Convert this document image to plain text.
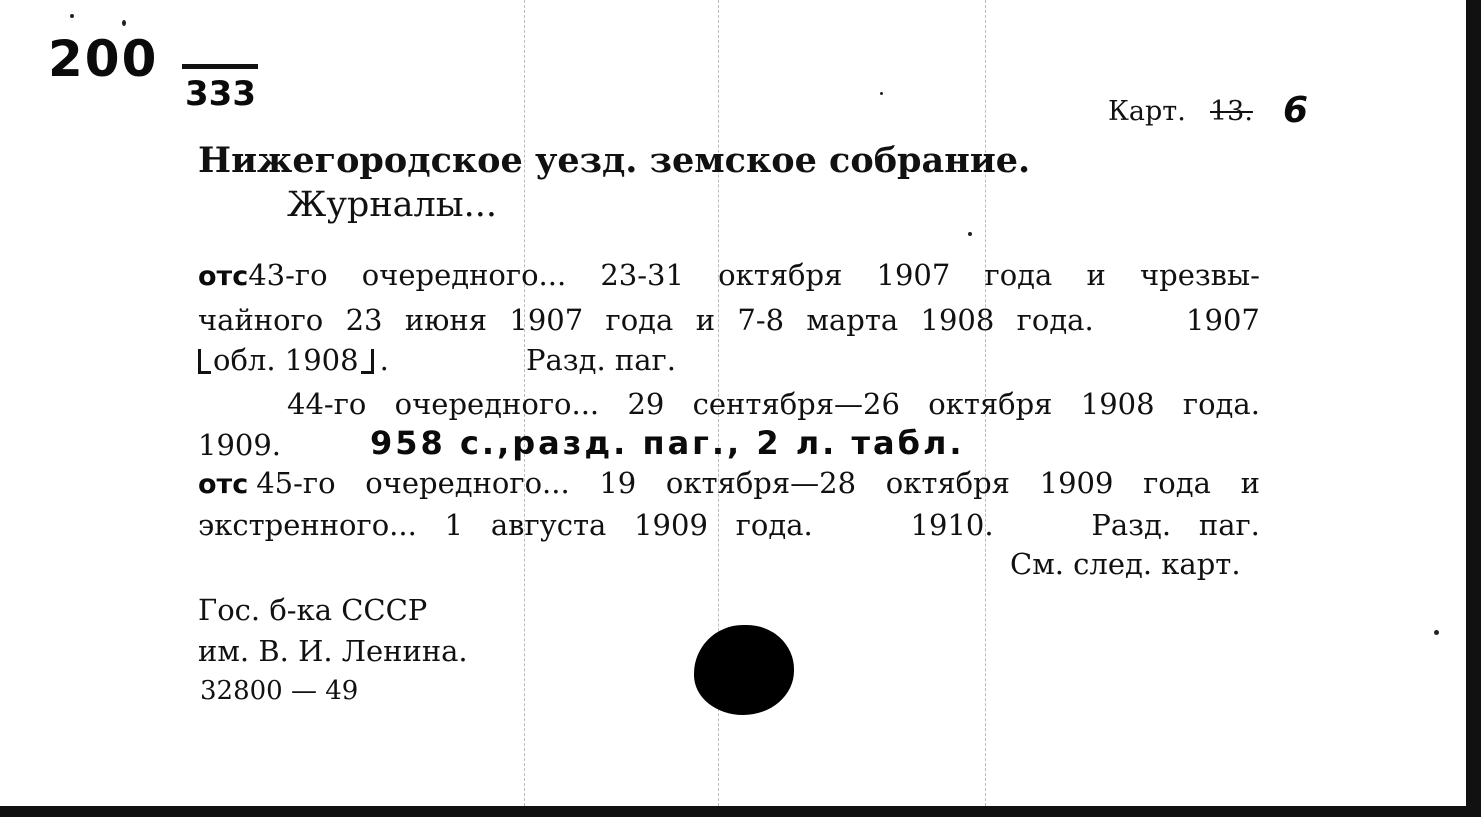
200
333	Карт. 13. 6
Нижегородское уезд. земское собрание.
Журналы...
отс43-го очередного... 23-31 октября 1907 года и чрезвы-
чайного 23 июня 1907 года и 7-8 марта 1908 года.	1907
обл. 1908 .	Разд. паг.
44-го очередного... 29 сентября—26 октября 1908 года.
1909.	958 с.,разд. паг., 2 л. табл.
отс 45-го очередного... 19 октября—28 октября 1909 года и
экстренного... 1 августа 1909 года.	1910.	Разд. паг.
См. след. карт.
Гос. б-ка СССР
им. В. И. Ленина.
32800 — 49
